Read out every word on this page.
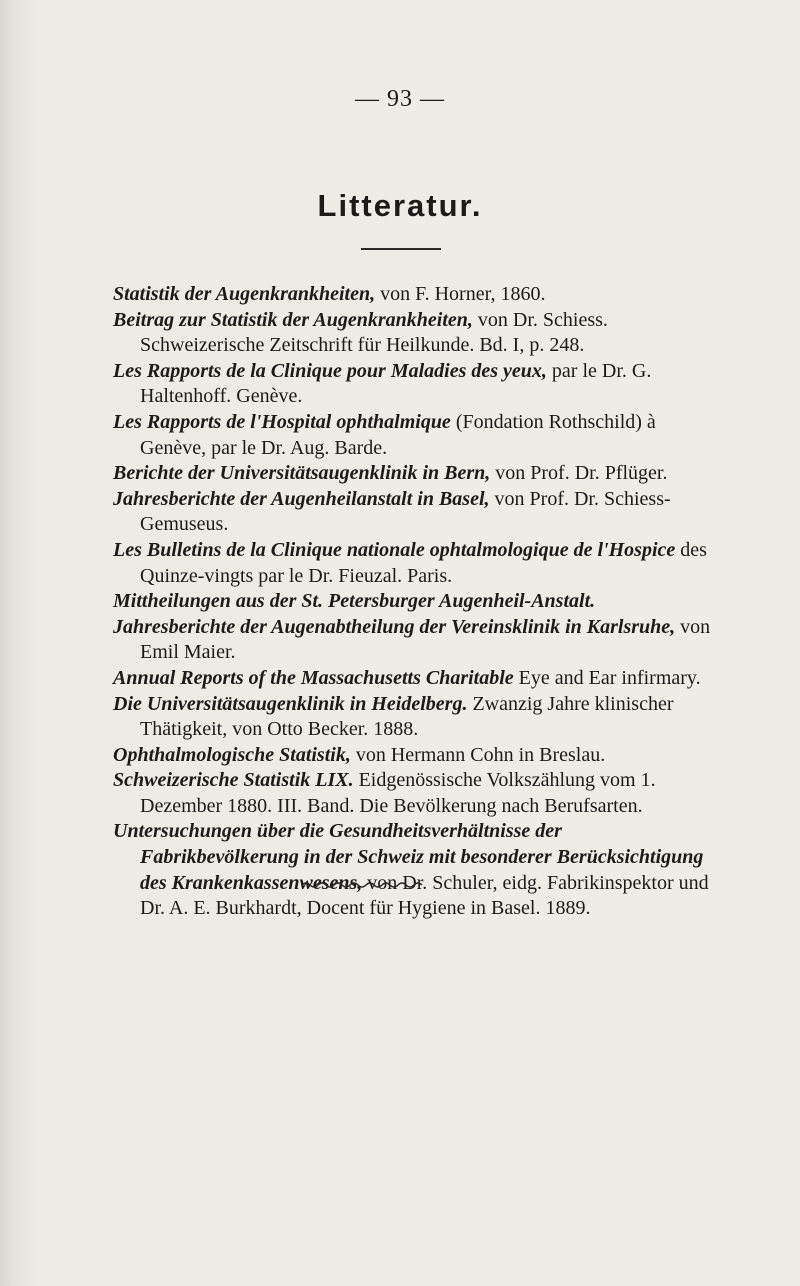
— 93 —
Litteratur.
Statistik der Augenkrankheiten, von F. Horner, 1860.
Beitrag zur Statistik der Augenkrankheiten, von Dr. Schiess. Schweizerische Zeitschrift für Heilkunde. Bd. I, p. 248.
Les Rapports de la Clinique pour Maladies des yeux, par le Dr. G. Haltenhoff. Genève.
Les Rapports de l'Hospital ophthalmique (Fondation Rothschild) à Genève, par le Dr. Aug. Barde.
Berichte der Universitätsaugenklinik in Bern, von Prof. Dr. Pflüger.
Jahresberichte der Augenheilanstalt in Basel, von Prof. Dr. Schiess-Gemuseus.
Les Bulletins de la Clinique nationale ophtalmologique de l'Hospice des Quinze-vingts par le Dr. Fieuzal. Paris.
Mittheilungen aus der St. Petersburger Augenheil-Anstalt.
Jahresberichte der Augenabtheilung der Vereinsklinik in Karlsruhe, von Emil Maier.
Annual Reports of the Massachusetts Charitable Eye and Ear infirmary.
Die Universitätsaugenklinik in Heidelberg. Zwanzig Jahre klinischer Thätigkeit, von Otto Becker. 1888.
Ophthalmologische Statistik, von Hermann Cohn in Breslau.
Schweizerische Statistik LIX. Eidgenössische Volkszählung vom 1. Dezember 1880. III. Band. Die Bevölkerung nach Berufsarten.
Untersuchungen über die Gesundheitsverhältnisse der Fabrikbevölkerung in der Schweiz mit besonderer Berücksichtigung des Krankenkassenwesens, von Dr. Schuler, eidg. Fabrikinspektor und Dr. A. E. Burkhardt, Docent für Hygiene in Basel. 1889.
